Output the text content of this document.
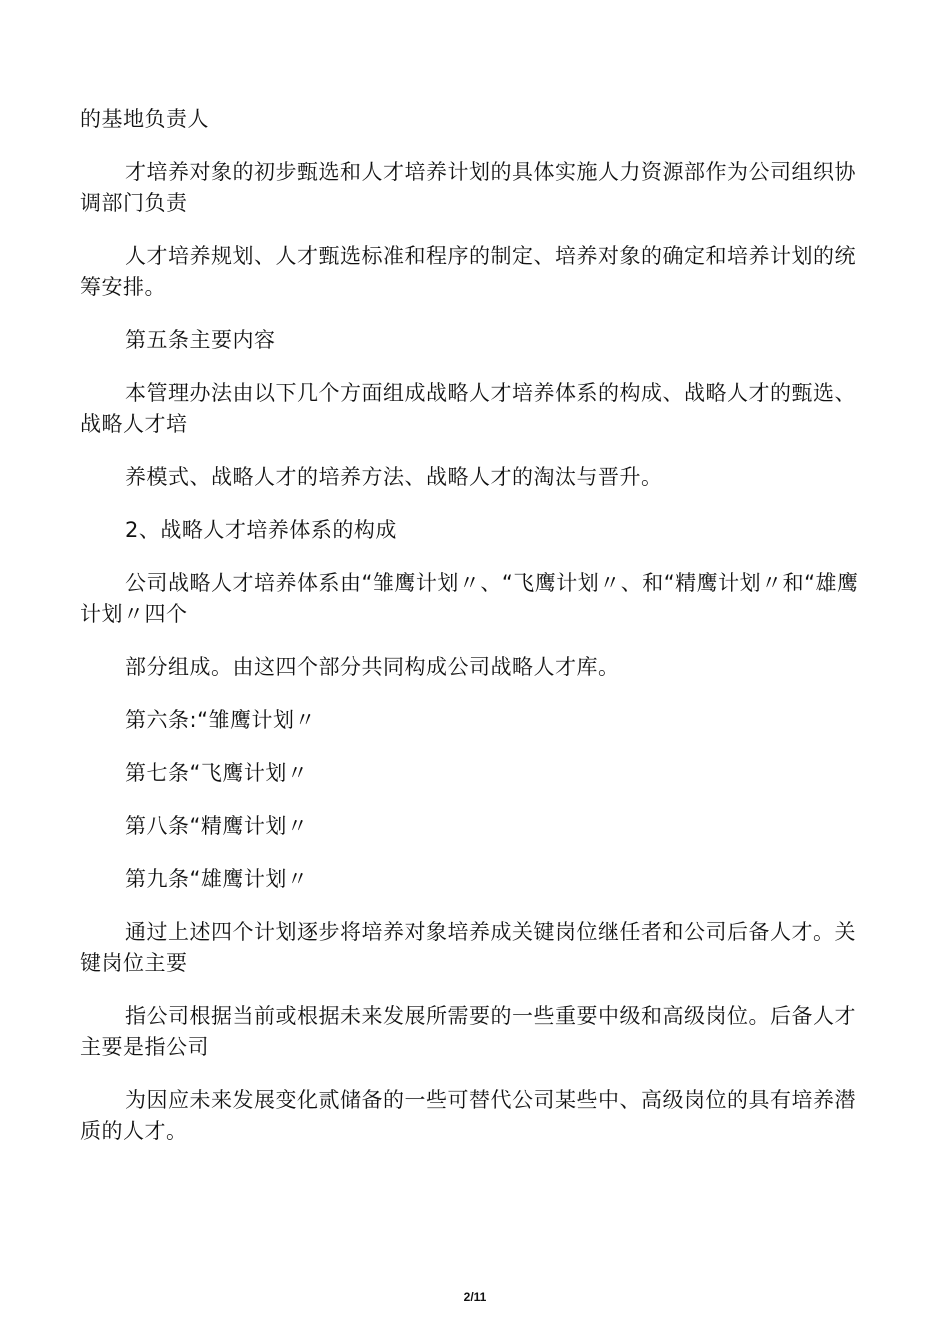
的基地负责人

才培养对象的初步甄选和人才培养计划的具体实施人力资源部作为公司组织协调部门负责

人才培养规划、人才甄选标准和程序的制定、培养对象的确定和培养计划的统筹安排。

第五条主要内容

本管理办法由以下几个方面组成战略人才培养体系的构成、战略人才的甄选、战略人才培

养模式、战略人才的培养方法、战略人才的淘汰与晋升。

2、战略人才培养体系的构成

公司战略人才培养体系由“雏鹰计划〃、“飞鹰计划〃、和“精鹰计划〃和“雄鹰计划〃四个

部分组成。由这四个部分共同构成公司战略人才库。

第六条:“雏鹰计划〃

第七条“飞鹰计划〃

第八条“精鹰计划〃

第九条“雄鹰计划〃

通过上述四个计划逐步将培养对象培养成关键岗位继任者和公司后备人才。关键岗位主要

指公司根据当前或根据未来发展所需要的一些重要中级和高级岗位。后备人才主要是指公司

为因应未来发展变化贰储备的一些可替代公司某些中、高级岗位的具有培养潜质的人才。

2/11
